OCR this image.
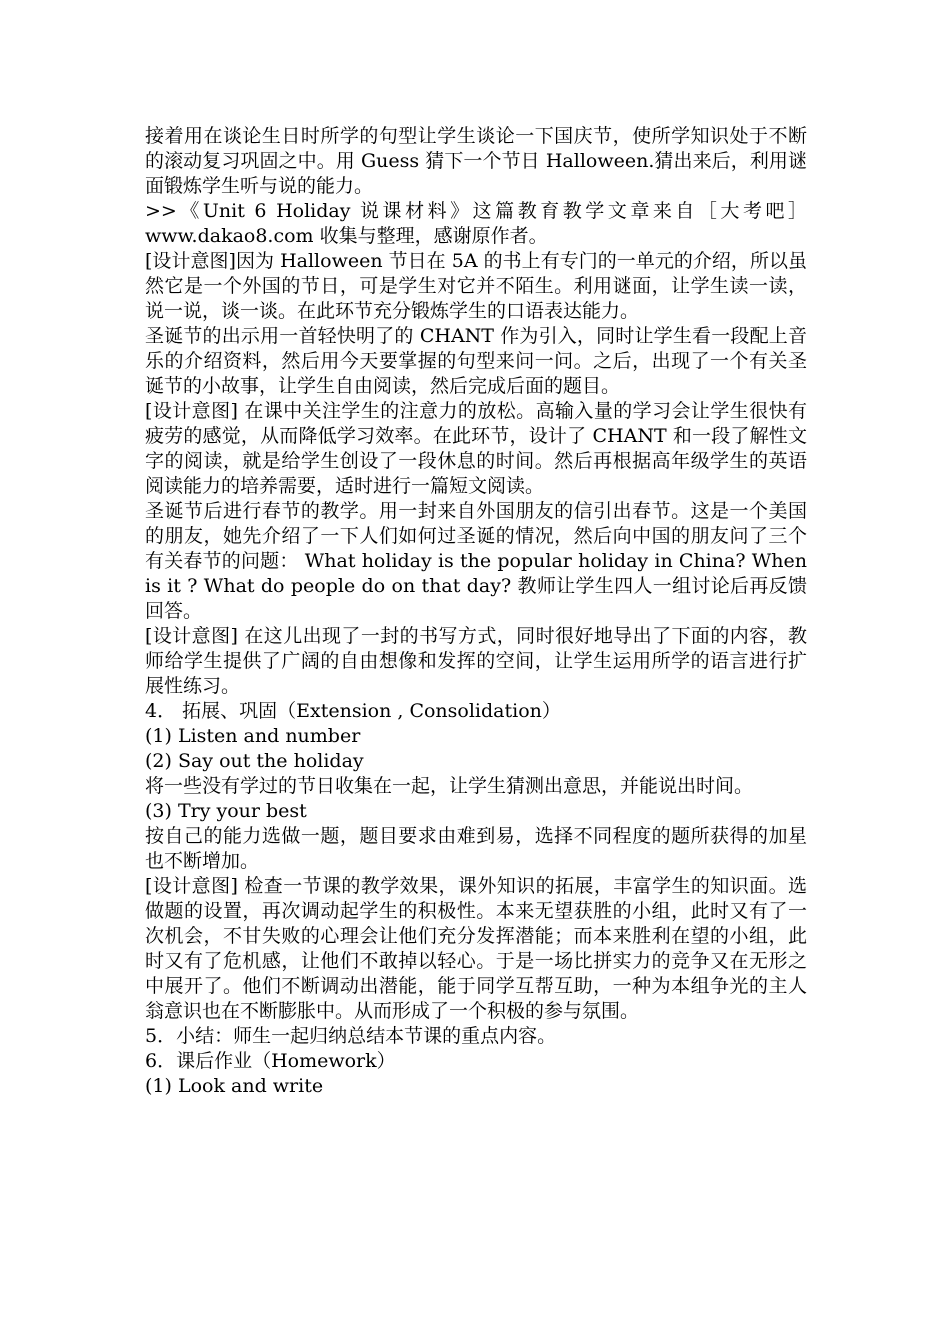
接着用在谈论生日时所学的句型让学生谈论一下国庆节，使所学知识处于不断的滚动复习巩固之中。用 Guess 猜下一个节日 Halloween.猜出来后，利用谜面锻炼学生听与说的能力。

>>《Unit 6 Holiday 说课材料》这篇教育教学文章来自［大考吧］www.dakao8.com 收集与整理，感谢原作者。

[设计意图]因为 Halloween 节日在 5A 的书上有专门的一单元的介绍，所以虽然它是一个外国的节日，可是学生对它并不陌生。利用谜面，让学生读一读，说一说，谈一谈。在此环节充分锻炼学生的口语表达能力。

圣诞节的出示用一首轻快明了的 CHANT 作为引入，同时让学生看一段配上音乐的介绍资料，然后用今天要掌握的句型来问一问。之后，出现了一个有关圣诞节的小故事，让学生自由阅读，然后完成后面的题目。

[设计意图] 在课中关注学生的注意力的放松。高输入量的学习会让学生很快有疲劳的感觉，从而降低学习效率。在此环节，设计了 CHANT 和一段了解性文字的阅读，就是给学生创设了一段休息的时间。然后再根据高年级学生的英语阅读能力的培养需要，适时进行一篇短文阅读。

圣诞节后进行春节的教学。用一封来自外国朋友的信引出春节。这是一个美国的朋友，她先介绍了一下人们如何过圣诞的情况，然后向中国的朋友问了三个有关春节的问题： What holiday is the popular holiday in China? When is it ? What do people do on that day? 教师让学生四人一组讨论后再反馈回答。

[设计意图] 在这儿出现了一封的书写方式，同时很好地导出了下面的内容，教师给学生提供了广阔的自由想像和发挥的空间，让学生运用所学的语言进行扩展性练习。

4． 拓展、巩固（Extension , Consolidation）

(1) Listen and number

(2) Say out the holiday

将一些没有学过的节日收集在一起，让学生猜测出意思，并能说出时间。

(3) Try your best

按自己的能力选做一题，题目要求由难到易，选择不同程度的题所获得的加星也不断增加。

[设计意图] 检查一节课的教学效果，课外知识的拓展，丰富学生的知识面。选做题的设置，再次调动起学生的积极性。本来无望获胜的小组，此时又有了一次机会，不甘失败的心理会让他们充分发挥潜能；而本来胜利在望的小组，此时又有了危机感，让他们不敢掉以轻心。于是一场比拼实力的竞争又在无形之中展开了。他们不断调动出潜能，能于同学互帮互助，一种为本组争光的主人翁意识也在不断膨胀中。从而形成了一个积极的参与氛围。

5．小结：师生一起归纳总结本节课的重点内容。

6．课后作业（Homework）

(1) Look and write
